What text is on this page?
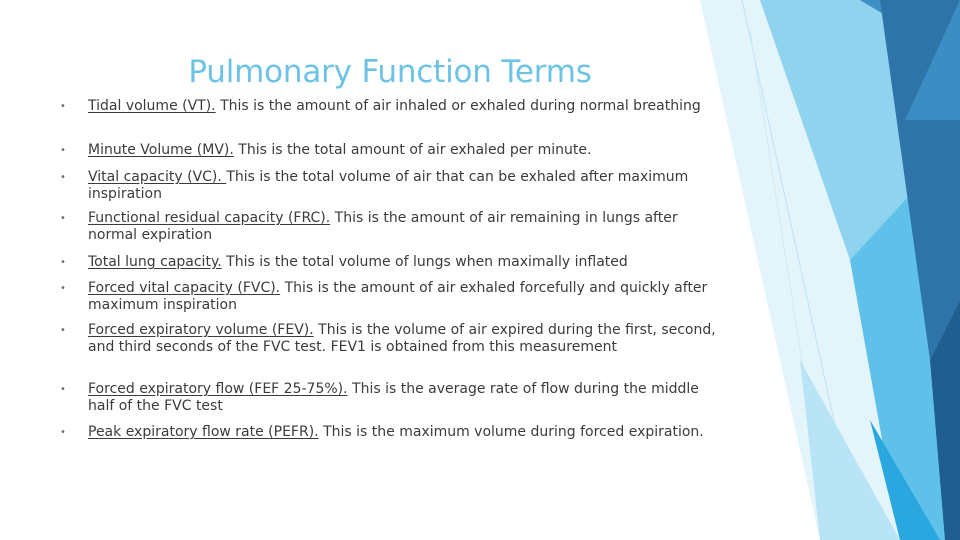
Pulmonary Function Terms
• Tidal volume (VT). This is the amount of air inhaled or exhaled during normal breathing
• Minute Volume (MV). This is the total amount of air exhaled per minute.
• Vital capacity (VC). This is the total volume of air that can be exhaled after maximum inspiration
• Functional residual capacity (FRC). This is the amount of air remaining in lungs after normal expiration
• Total lung capacity. This is the total volume of lungs when maximally inflated
• Forced vital capacity (FVC). This is the amount of air exhaled forcefully and quickly after maximum inspiration
• Forced expiratory volume (FEV). This is the volume of air expired during the first, second, and third seconds of the FVC test. FEV1 is obtained from this measurement
• Forced expiratory flow (FEF 25-75%). This is the average rate of flow during the middle half of the FVC test
• Peak expiratory flow rate (PEFR). This is the maximum volume during forced expiration.
